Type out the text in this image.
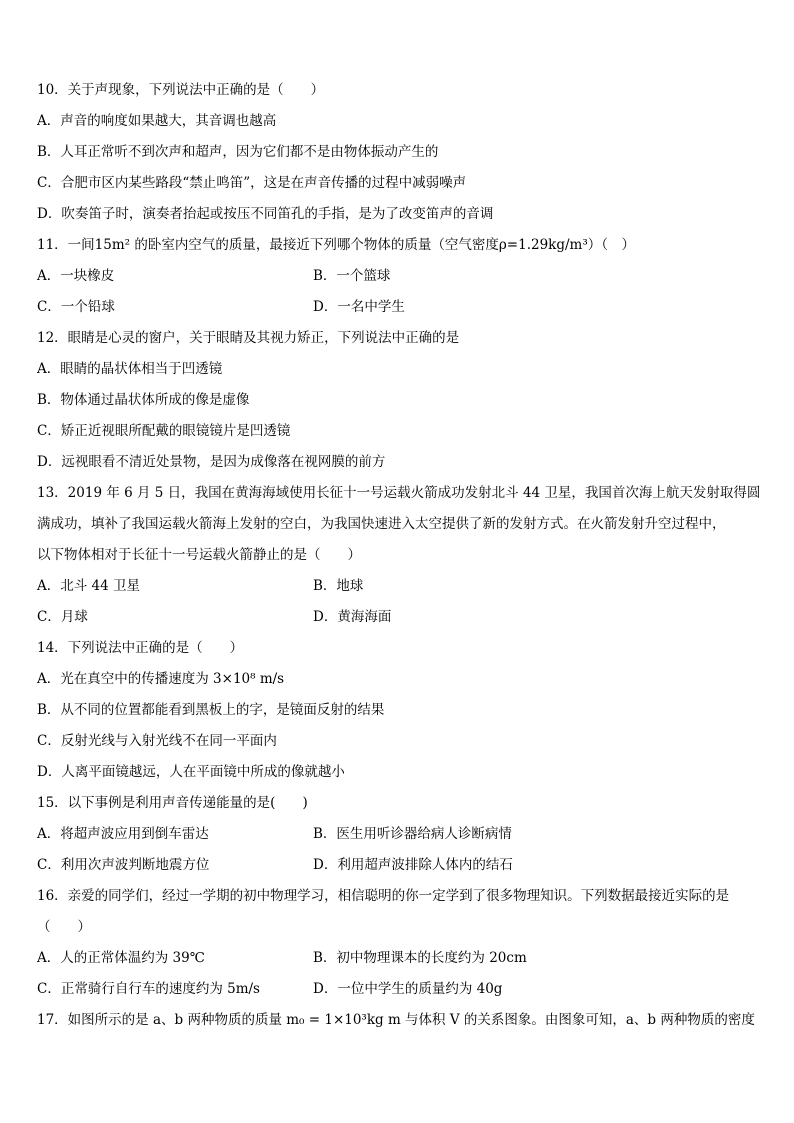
10．关于声现象，下列说法中正确的是（　　）
A．声音的响度如果越大，其音调也越高
B．人耳正常听不到次声和超声，因为它们都不是由物体振动产生的
C．合肥市区内某些路段“禁止鸣笛”，这是在声音传播的过程中减弱噪声
D．吹奏笛子时，演奏者抬起或按压不同笛孔的手指，是为了改变笛声的音调
11．一间15m² 的卧室内空气的质量，最接近下列哪个物体的质量（空气密度ρ=1.29kg/m³）（　）
A．一块橡皮	B．一个篮球
C．一个铅球	D．一名中学生
12．眼睛是心灵的窗户，关于眼睛及其视力矫正，下列说法中正确的是
A．眼睛的晶状体相当于凹透镜
B．物体通过晶状体所成的像是虚像
C．矫正近视眼所配戴的眼镜镜片是凹透镜
D．远视眼看不清近处景物，是因为成像落在视网膜的前方
13．2019 年 6 月 5 日，我国在黄海海域使用长征十一号运载火箭成功发射北斗 44 卫星，我国首次海上航天发射取得圆
满成功，填补了我国运载火箭海上发射的空白，为我国快速进入太空提供了新的发射方式。在火箭发射升空过程中，
以下物体相对于长征十一号运载火箭静止的是（　　）
A．北斗 44 卫星	B．地球
C．月球	D．黄海海面
14．下列说法中正确的是（　　）
A．光在真空中的传播速度为 3×10⁸ m/s
B．从不同的位置都能看到黑板上的字，是镜面反射的结果
C．反射光线与入射光线不在同一平面内
D．人离平面镜越远，人在平面镜中所成的像就越小
15．以下事例是利用声音传递能量的是(　　)
A．将超声波应用到倒车雷达	B．医生用听诊器给病人诊断病情
C．利用次声波判断地震方位	D．利用超声波排除人体内的结石
16．亲爱的同学们，经过一学期的初中物理学习，相信聪明的你一定学到了很多物理知识。下列数据最接近实际的是
（　　）
A．人的正常体温约为 39℃	B．初中物理课本的长度约为 20cm
C．正常骑行自行车的速度约为 5m/s	D．一位中学生的质量约为 40g
17．如图所示的是 a、b 两种物质的质量 m₀ = 1×10³kg m 与体积 V 的关系图象。由图象可知，a、b 两种物质的密度
